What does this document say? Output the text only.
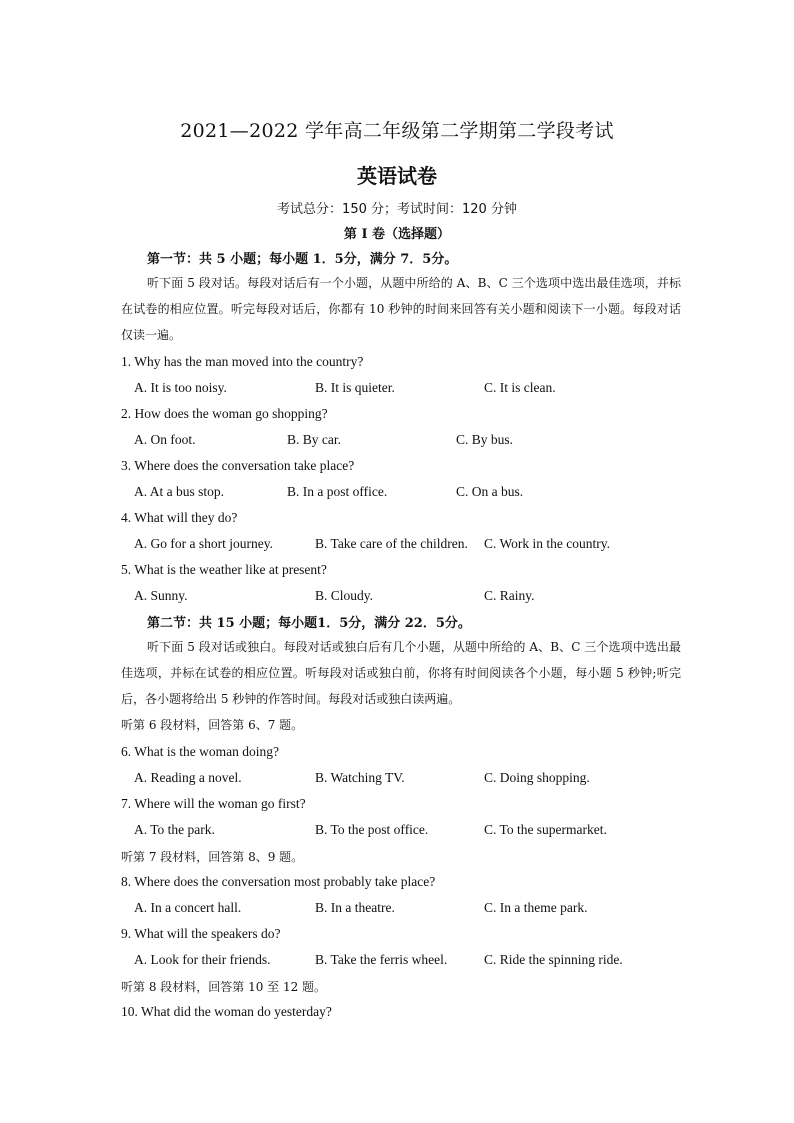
2021—2022 学年高二年级第二学期第二学段考试
英语试卷
考试总分：150 分；考试时间：120 分钟
第 I 卷（选择题）
第一节：共 5 小题；每小题 1．5分，满分 7．5分。
听下面 5 段对话。每段对话后有一个小题，从题中所给的 A、B、C 三个选项中选出最佳选项，并标在试卷的相应位置。听完每段对话后，你都有 10 秒钟的时间来回答有关小题和阅读下一小题。每段对话仅读一遍。
1. Why has the man moved into the country?
A. It is too noisy.	B. It is quieter.	C. It is clean.
2. How does the woman go shopping?
A. On foot.	B. By car.	C. By bus.
3. Where does the conversation take place?
A. At a bus stop.	B. In a post office.	C. On a bus.
4. What will they do?
A. Go for a short journey.	B. Take care of the children. C. Work in the country.
5. What is the weather like at present?
A. Sunny.	B. Cloudy.	C. Rainy.
第二节：共 15 小题；每小题1．5分，满分 22．5分。
听下面 5 段对话或独白。每段对话或独白后有几个小题，从题中所给的 A、B、C 三个选项中选出最佳选项，并标在试卷的相应位置。听每段对话或独白前，你将有时间阅读各个小题，每小题 5 秒钟;听完后，各小题将给出 5 秒钟的作答时间。每段对话或独白读两遍。
听第 6 段材料，回答第 6、7 题。
6. What is the woman doing?
A. Reading a novel.	B. Watching TV.	C. Doing shopping.
7. Where will the woman go first?
A. To the park.	B. To the post office.	C. To the supermarket.
听第 7 段材料，回答第 8、9 题。
8. Where does the conversation most probably take place?
A. In a concert hall.	B. In a theatre.	C. In a theme park.
9. What will the speakers do?
A. Look for their friends.	B. Take the ferris wheel.	C. Ride the spinning ride.
听第 8 段材料，回答第 10 至 12 题。
10. What did the woman do yesterday?
